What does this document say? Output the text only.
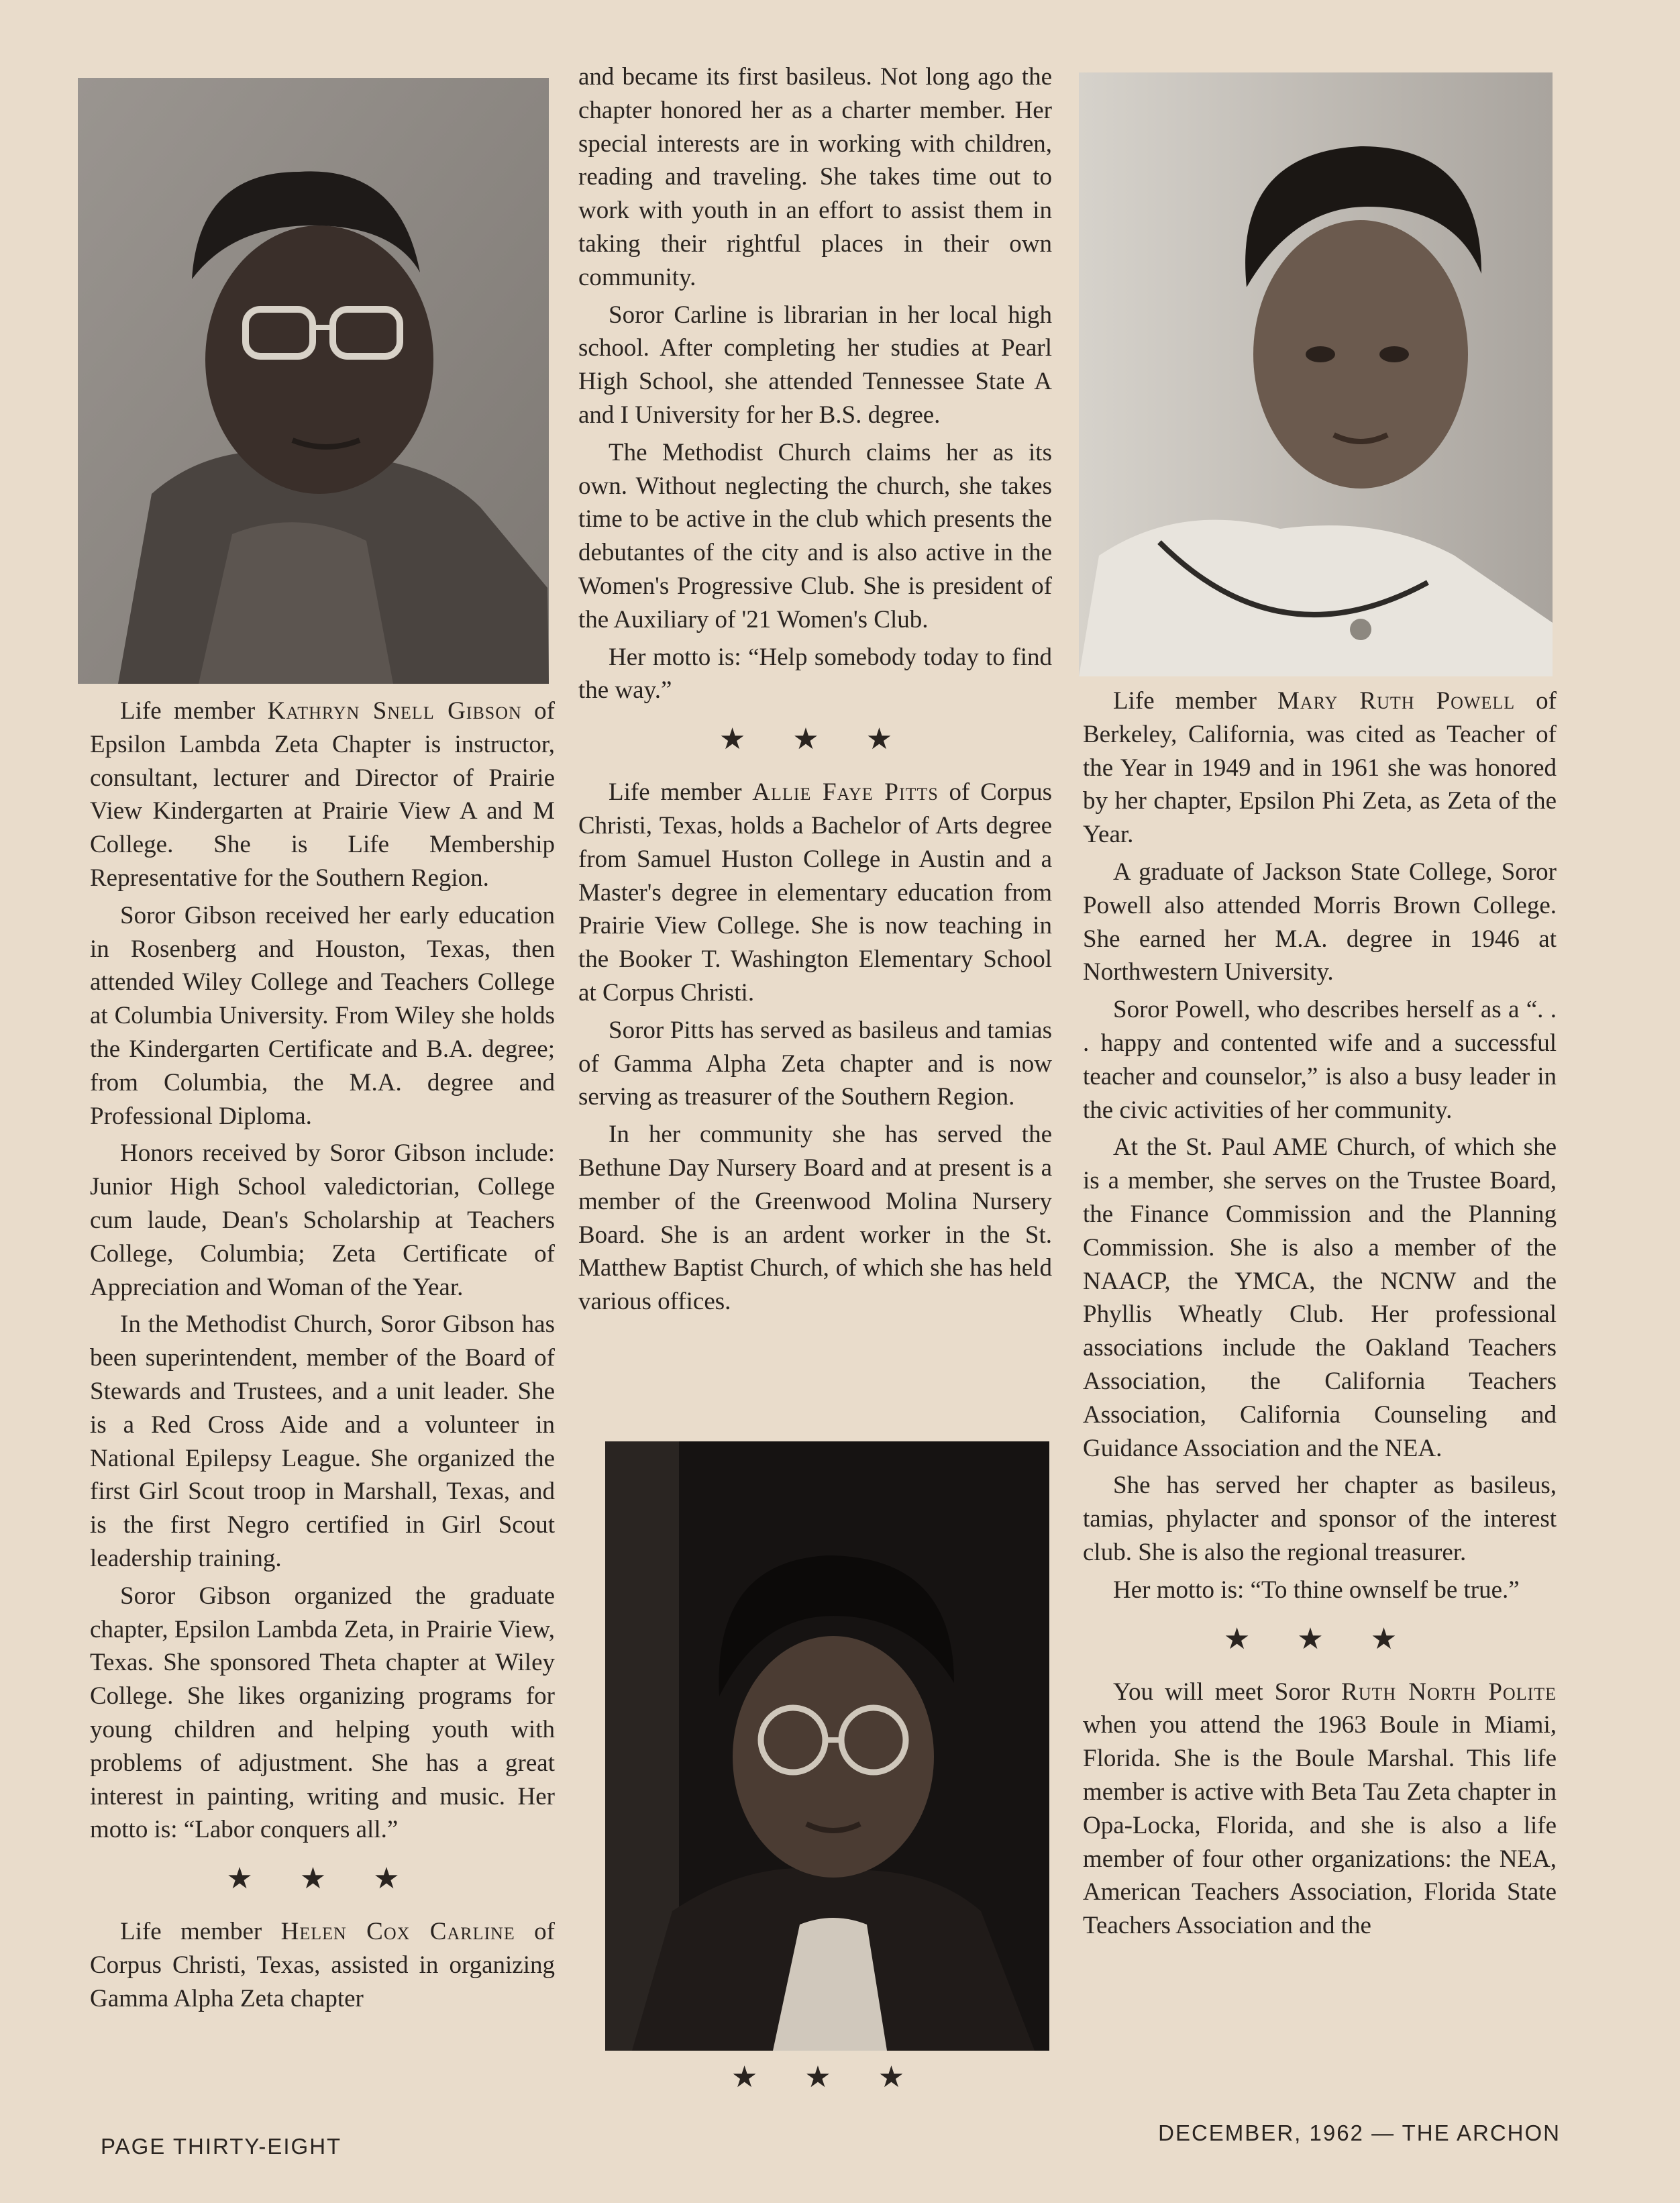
Life member Kathryn Snell Gibson of Epsilon Lambda Zeta Chapter is instructor, consultant, lecturer and Director of Prairie View Kindergarten at Prairie View A and M College. She is Life Membership Representative for the Southern Region.

Soror Gibson received her early education in Rosenberg and Houston, Texas, then attended Wiley College and Teachers College at Columbia University. From Wiley she holds the Kindergarten Certificate and B.A. degree; from Columbia, the M.A. degree and Professional Diploma.

Honors received by Soror Gibson include: Junior High School valedictorian, College cum laude, Dean's Scholarship at Teachers College, Columbia; Zeta Certificate of Appreciation and Woman of the Year.

In the Methodist Church, Soror Gibson has been superintendent, member of the Board of Stewards and Trustees, and a unit leader. She is a Red Cross Aide and a volunteer in National Epilepsy League. She organized the first Girl Scout troop in Marshall, Texas, and is the first Negro certified in Girl Scout leadership training.

Soror Gibson organized the graduate chapter, Epsilon Lambda Zeta, in Prairie View, Texas. She sponsored Theta chapter at Wiley College. She likes organizing programs for young children and helping youth with problems of adjustment. She has a great interest in painting, writing and music. Her motto is: “Labor conquers all.”

★ ★ ★

Life member Helen Cox Carline of Corpus Christi, Texas, assisted in organizing Gamma Alpha Zeta chapter

and became its first basileus. Not long ago the chapter honored her as a charter member. Her special interests are in working with children, reading and traveling. She takes time out to work with youth in an effort to assist them in taking their rightful places in their own community.

Soror Carline is librarian in her local high school. After completing her studies at Pearl High School, she attended Tennessee State A and I University for her B.S. degree.

The Methodist Church claims her as its own. Without neglecting the church, she takes time to be active in the club which presents the debutantes of the city and is also active in the Women's Progressive Club. She is president of the Auxiliary of '21 Women's Club.

Her motto is: “Help somebody today to find the way.”

★ ★ ★

Life member Allie Faye Pitts of Corpus Christi, Texas, holds a Bachelor of Arts degree from Samuel Huston College in Austin and a Master's degree in elementary education from Prairie View College. She is now teaching in the Booker T. Washington Elementary School at Corpus Christi.

Soror Pitts has served as basileus and tamias of Gamma Alpha Zeta chapter and is now serving as treasurer of the Southern Region.

In her community she has served the Bethune Day Nursery Board and at present is a member of the Greenwood Molina Nursery Board. She is an ardent worker in the St. Matthew Baptist Church, of which she has held various offices.

★ ★ ★

Life member Mary Ruth Powell of Berkeley, California, was cited as Teacher of the Year in 1949 and in 1961 she was honored by her chapter, Epsilon Phi Zeta, as Zeta of the Year.

A graduate of Jackson State College, Soror Powell also attended Morris Brown College. She earned her M.A. degree in 1946 at Northwestern University.

Soror Powell, who describes herself as a “. . . happy and contented wife and a successful teacher and counselor,” is also a busy leader in the civic activities of her community.

At the St. Paul AME Church, of which she is a member, she serves on the Trustee Board, the Finance Commission and the Planning Commission. She is also a member of the NAACP, the YMCA, the NCNW and the Phyllis Wheatly Club. Her professional associations include the Oakland Teachers Association, the California Teachers Association, California Counseling and Guidance Association and the NEA.

She has served her chapter as basileus, tamias, phylacter and sponsor of the interest club. She is also the regional treasurer.

Her motto is: “To thine ownself be true.”

★ ★ ★

You will meet Soror Ruth North Polite when you attend the 1963 Boule in Miami, Florida. She is the Boule Marshal. This life member is active with Beta Tau Zeta chapter in Opa-Locka, Florida, and she is also a life member of four other organizations: the NEA, American Teachers Association, Florida State Teachers Association and the

PAGE THIRTY-EIGHT
DECEMBER, 1962 — THE ARCHON
